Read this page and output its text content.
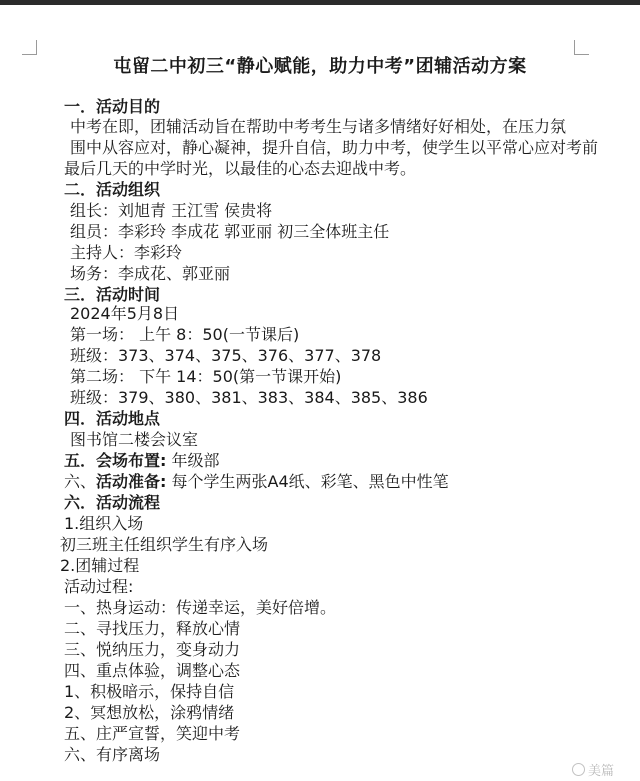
屯留二中初三“静心赋能，助力中考”团辅活动方案
一．活动目的
中考在即，团辅活动旨在帮助中考考生与诸多情绪好好相处，在压力氛
围中从容应对，静心凝神，提升自信，助力中考，使学生以平常心应对考前
最后几天的中学时光，以最佳的心态去迎战中考。
二．活动组织
组长：刘旭青 王江雪 侯贵将
组员：李彩玲 李成花 郭亚丽 初三全体班主任
主持人：李彩玲
场务：李成花、郭亚丽
三．活动时间
2024年5月8日
第一场： 上午 8：50(一节课后)
班级：373、374、375、376、377、378
第二场： 下午 14：50(第一节课开始)
班级：379、380、381、383、384、385、386
四．活动地点
图书馆二楼会议室
五．会场布置: 年级部
六、活动准备: 每个学生两张A4纸、彩笔、黑色中性笔
六．活动流程
1.组织入场
初三班主任组织学生有序入场
2.团辅过程
活动过程:
一、热身运动：传递幸运，美好倍增。
二、寻找压力，释放心情
三、悦纳压力，变身动力
四、重点体验，调整心态
1、积极暗示，保持自信
2、冥想放松，涂鸦情绪
五、庄严宣誓，笑迎中考
六、有序离场
美篇
